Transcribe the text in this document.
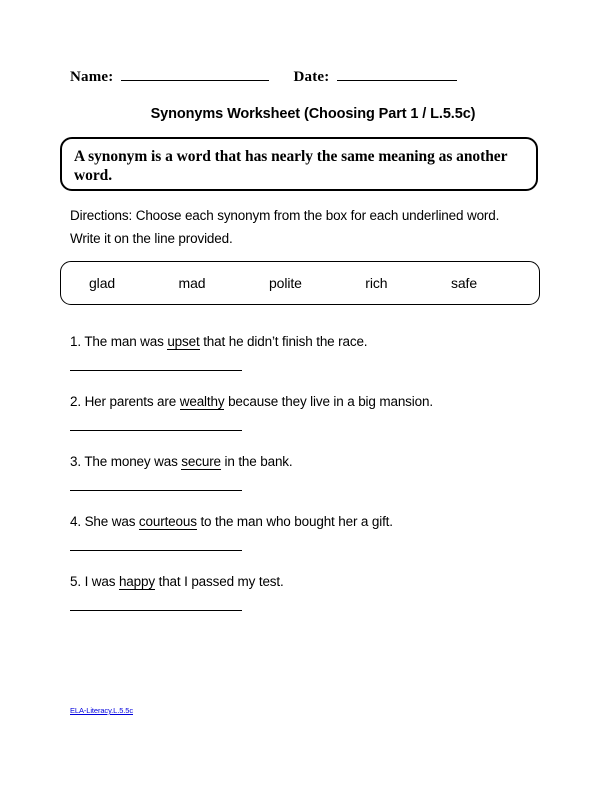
Name:	Date:
Synonyms Worksheet (Choosing Part 1 / L.5.5c)
A synonym is a word that has nearly the same meaning as another word.
Directions: Choose each synonym from the box for each underlined word. Write it on the line provided.
glad	mad	polite	rich	safe
1. The man was upset that he didn’t finish the race.
2. Her parents are wealthy because they live in a big mansion.
3. The money was secure in the bank.
4. She was courteous to the man who bought her a gift.
5. I was happy that I passed my test.
ELA-Literacy.L.5.5c
